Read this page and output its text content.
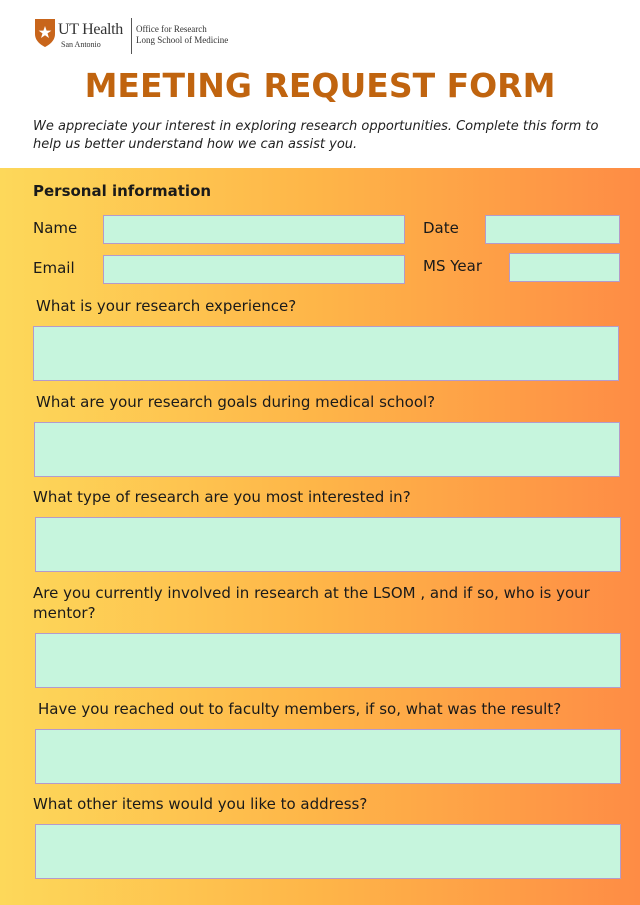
UT Health
San Antonio
Office for Research
Long School of Medicine
MEETING REQUEST FORM
We appreciate your interest in exploring research opportunities. Complete this form to help us better understand how we can assist you.
Personal information
Name	Date
Email	MS Year
What is your research experience?
What are your research goals during medical school?
What type of research are you most interested in?
Are you currently involved in research at the LSOM , and if so, who is your mentor?
Have you reached out to faculty members, if so, what was the result?
What other items would you like to address?
